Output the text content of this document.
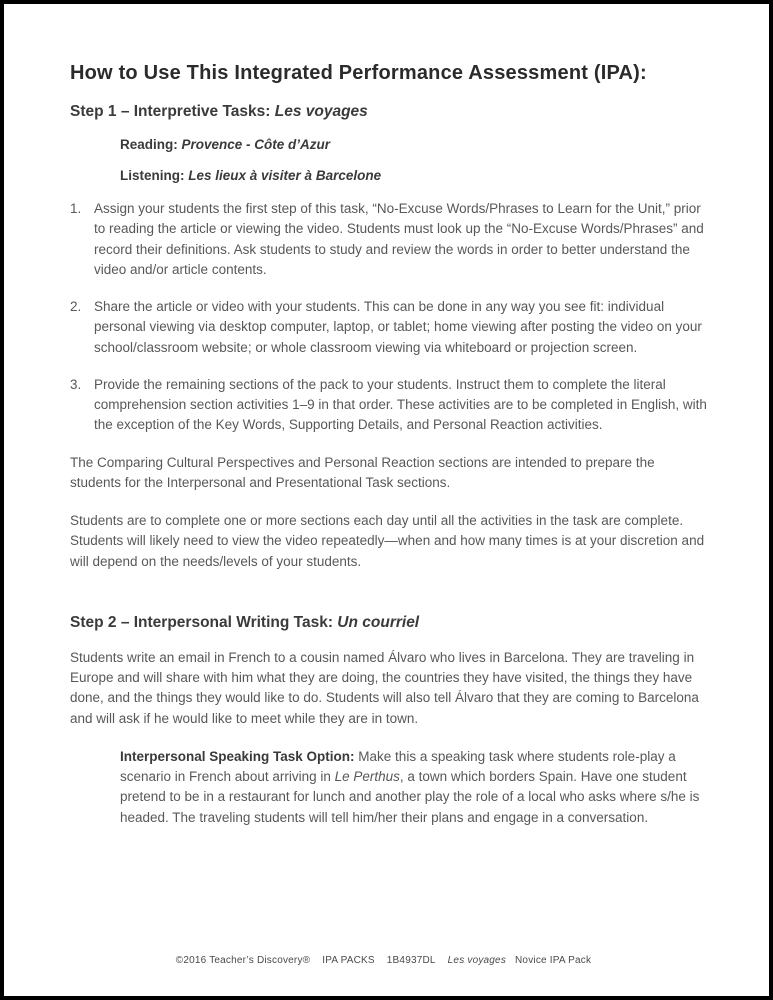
How to Use This Integrated Performance Assessment (IPA):
Step 1 – Interpretive Tasks: Les voyages

Reading: Provence - Côte d’Azur

Listening: Les lieux à visiter à Barcelone

1. Assign your students the first step of this task, “No-Excuse Words/Phrases to Learn for the Unit,” prior to reading the article or viewing the video. Students must look up the “No-Excuse Words/Phrases” and record their definitions. Ask students to study and review the words in order to better understand the video and/or article contents.
2. Share the article or video with your students. This can be done in any way you see fit: individual personal viewing via desktop computer, laptop, or tablet; home viewing after posting the video on your school/classroom website; or whole classroom viewing via whiteboard or projection screen.
3. Provide the remaining sections of the pack to your students. Instruct them to complete the literal comprehension section activities 1–9 in that order. These activities are to be completed in English, with the exception of the Key Words, Supporting Details, and Personal Reaction activities.

The Comparing Cultural Perspectives and Personal Reaction sections are intended to prepare the students for the Interpersonal and Presentational Task sections.

Students are to complete one or more sections each day until all the activities in the task are complete. Students will likely need to view the video repeatedly—when and how many times is at your discretion and will depend on the needs/levels of your students.

Step 2 – Interpersonal Writing Task: Un courriel

Students write an email in French to a cousin named Álvaro who lives in Barcelona. They are traveling in Europe and will share with him what they are doing, the countries they have visited, the things they have done, and the things they would like to do. Students will also tell Álvaro that they are coming to Barcelona and will ask if he would like to meet while they are in town.

Interpersonal Speaking Task Option: Make this a speaking task where students role-play a scenario in French about arriving in Le Perthus, a town which borders Spain. Have one student pretend to be in a restaurant for lunch and another play the role of a local who asks where s/he is headed. The traveling students will tell him/her their plans and engage in a conversation.

©2016 Teacher’s Discovery® IPA PACKS 1B4937DL Les voyages Novice IPA Pack
